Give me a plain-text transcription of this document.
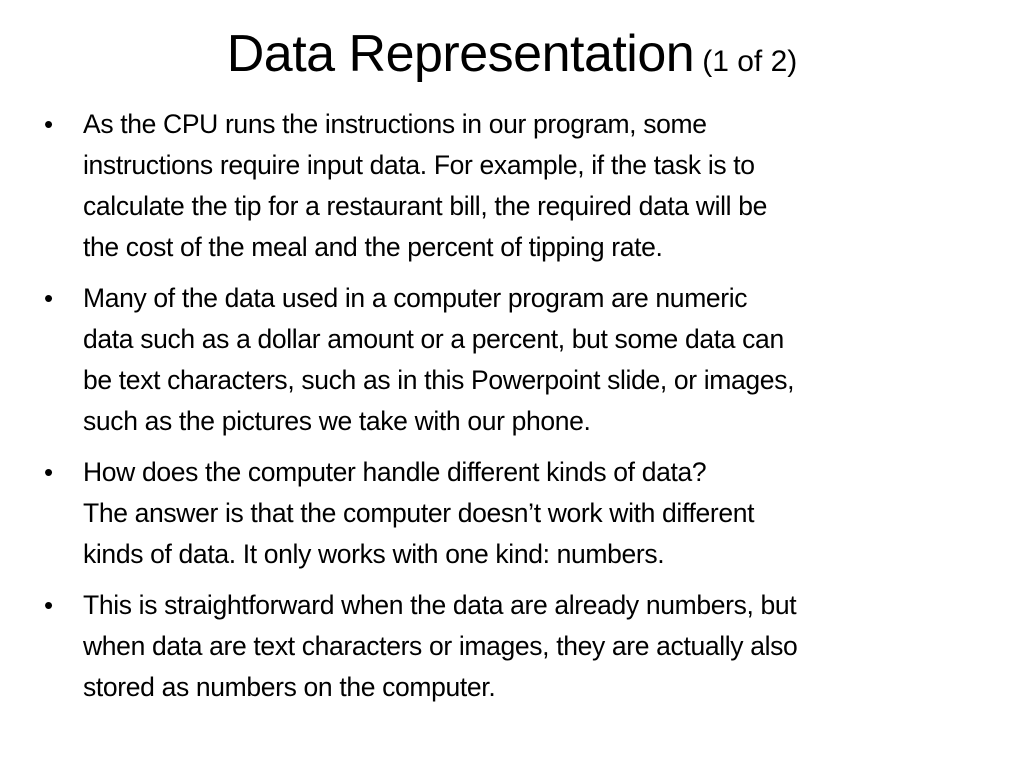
Data Representation (1 of 2)
• As the CPU runs the instructions in our program, some
instructions require input data. For example, if the task is to
calculate the tip for a restaurant bill, the required data will be
the cost of the meal and the percent of tipping rate.
• Many of the data used in a computer program are numeric
data such as a dollar amount or a percent, but some data can
be text characters, such as in this Powerpoint slide, or images,
such as the pictures we take with our phone.
• How does the computer handle different kinds of data?
The answer is that the computer doesn’t work with different
kinds of data. It only works with one kind: numbers.
• This is straightforward when the data are already numbers, but
when data are text characters or images, they are actually also
stored as numbers on the computer.
